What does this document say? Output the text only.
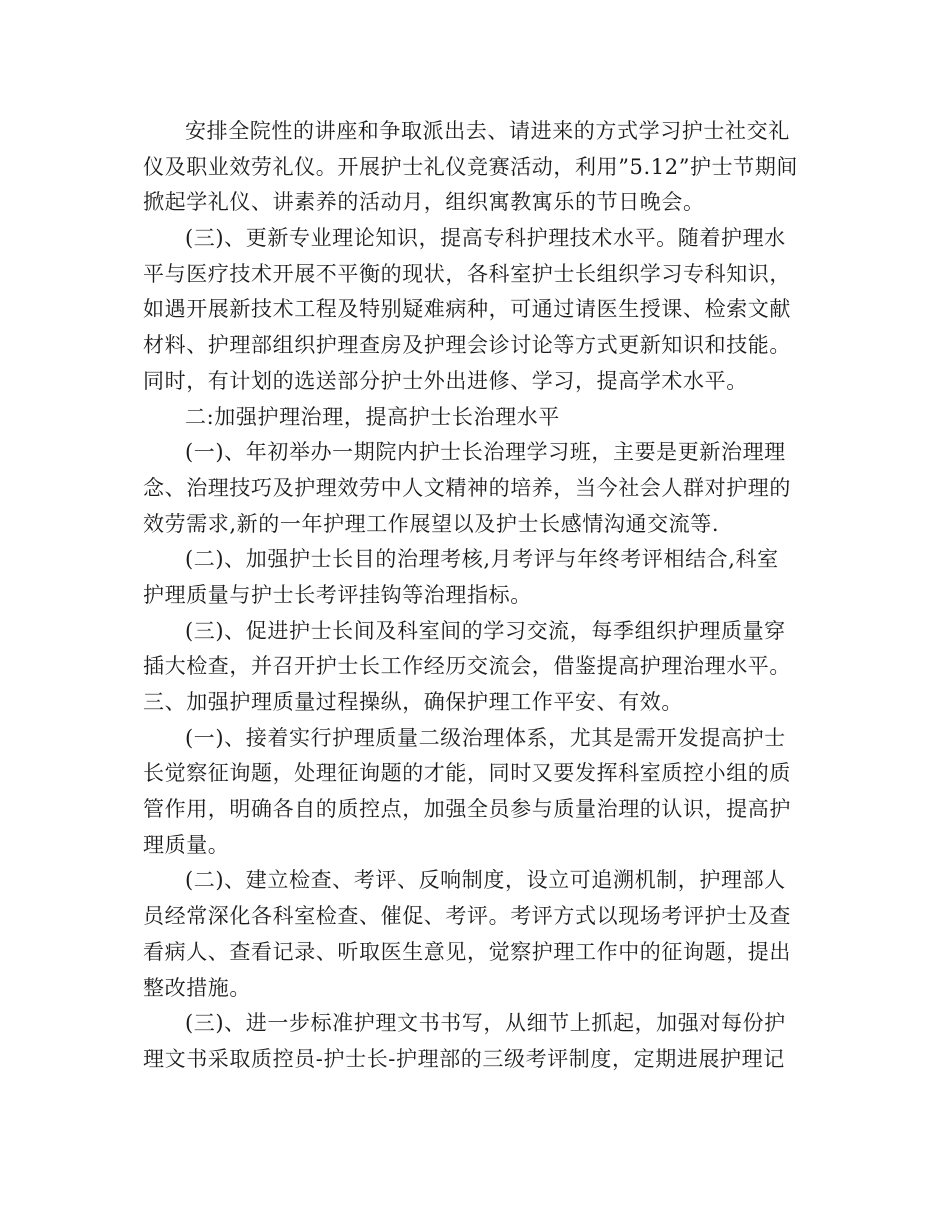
安排全院性的讲座和争取派出去、请进来的方式学习护士社交礼
仪及职业效劳礼仪。开展护士礼仪竞赛活动，利用”5.12”护士节期间
掀起学礼仪、讲素养的活动月，组织寓教寓乐的节日晚会。
(三)、更新专业理论知识，提高专科护理技术水平。随着护理水
平与医疗技术开展不平衡的现状，各科室护士长组织学习专科知识，
如遇开展新技术工程及特别疑难病种，可通过请医生授课、检索文献
材料、护理部组织护理查房及护理会诊讨论等方式更新知识和技能。
同时，有计划的选送部分护士外出进修、学习，提高学术水平。
二:加强护理治理，提高护士长治理水平
(一)、年初举办一期院内护士长治理学习班，主要是更新治理理
念、治理技巧及护理效劳中人文精神的培养，当今社会人群对护理的
效劳需求,新的一年护理工作展望以及护士长感情沟通交流等.
(二)、加强护士长目的治理考核,月考评与年终考评相结合,科室
护理质量与护士长考评挂钩等治理指标。
(三)、促进护士长间及科室间的学习交流，每季组织护理质量穿
插大检查，并召开护士长工作经历交流会，借鉴提高护理治理水平。
三、加强护理质量过程操纵，确保护理工作平安、有效。
(一)、接着实行护理质量二级治理体系，尤其是需开发提高护士
长觉察征询题，处理征询题的才能，同时又要发挥科室质控小组的质
管作用，明确各自的质控点，加强全员参与质量治理的认识，提高护
理质量。
(二)、建立检查、考评、反响制度，设立可追溯机制，护理部人
员经常深化各科室检查、催促、考评。考评方式以现场考评护士及查
看病人、查看记录、听取医生意见，觉察护理工作中的征询题，提出
整改措施。
(三)、进一步标准护理文书书写，从细节上抓起，加强对每份护
理文书采取质控员-护士长-护理部的三级考评制度，定期进展护理记
